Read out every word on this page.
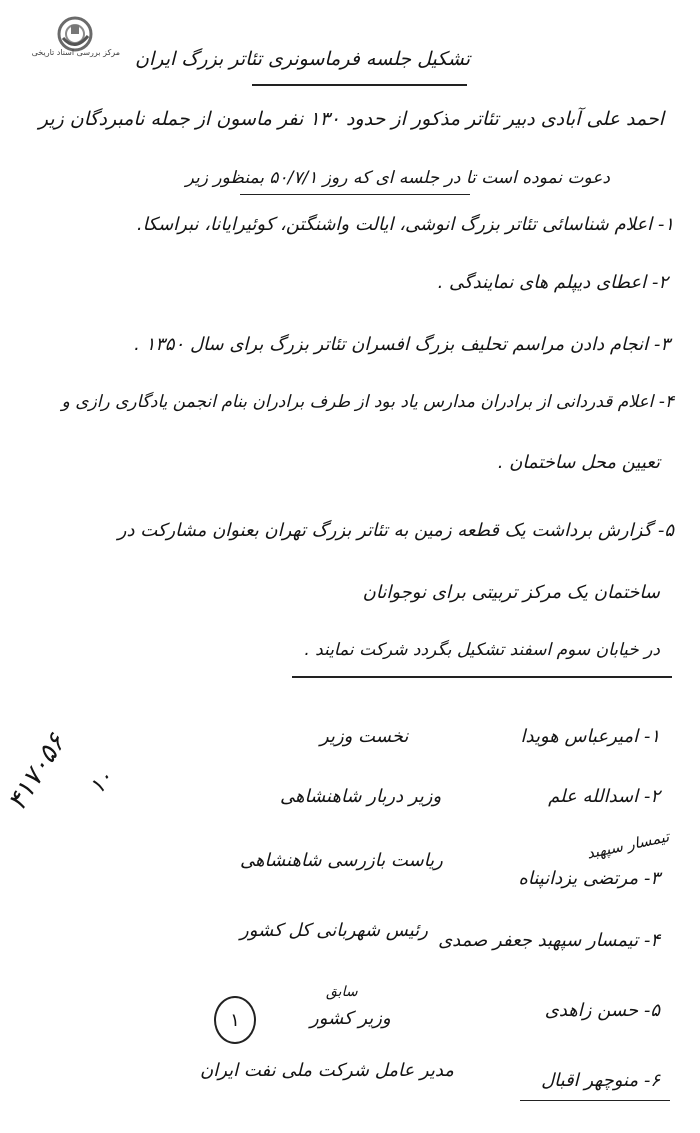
مرکز بررسی اسناد تاریخی تشکیل جلسه فرماسونری تئاتر بزرگ ایران
احمد علی آبادی دبیر تئاتر مذکور از حدود ۱۳۰ نفر ماسون از جمله نامبردگان زیر
دعوت نموده است تا در جلسه ای که روز ۵۰/۷/۱ بمنظور زیر
۱- اعلام شناسائی تئاتر بزرگ انوشی، ایالت واشنگتن، کوئیرایانا، نبراسکا.
۲- اعطای دیپلم های نمایندگی .
۳- انجام دادن مراسم تحلیف بزرگ افسران تئاتر بزرگ برای سال ۱۳۵۰ .
۴- اعلام قدردانی از برادران مدارس یاد بود از طرف برادران بنام انجمن یادگاری رازی و
تعیین محل ساختمان .
۵- گزارش برداشت یک قطعه زمین به تئاتر بزرگ تهران بعنوان مشارکت در
ساختمان یک مرکز تربیتی برای نوجوانان
در خیابان سوم اسفند تشکیل بگردد شرکت نمایند .
۴۱۷۰۵۶ ۱۰
۱- امیرعباس هویدا
۲- اسدالله علم
تیمسار سپهبد
۳- مرتضی یزدانپناه
۴- تیمسار سپهبد جعفر صمدی
۵- حسن زاهدی
۶- منوچهر اقبال
نخست وزیر
وزیر دربار شاهنشاهی
ریاست بازرسی شاهنشاهی
رئیس شهربانی کل کشور
سابق
وزیر کشور
۱
مدیر عامل شرکت ملی نفت ایران
